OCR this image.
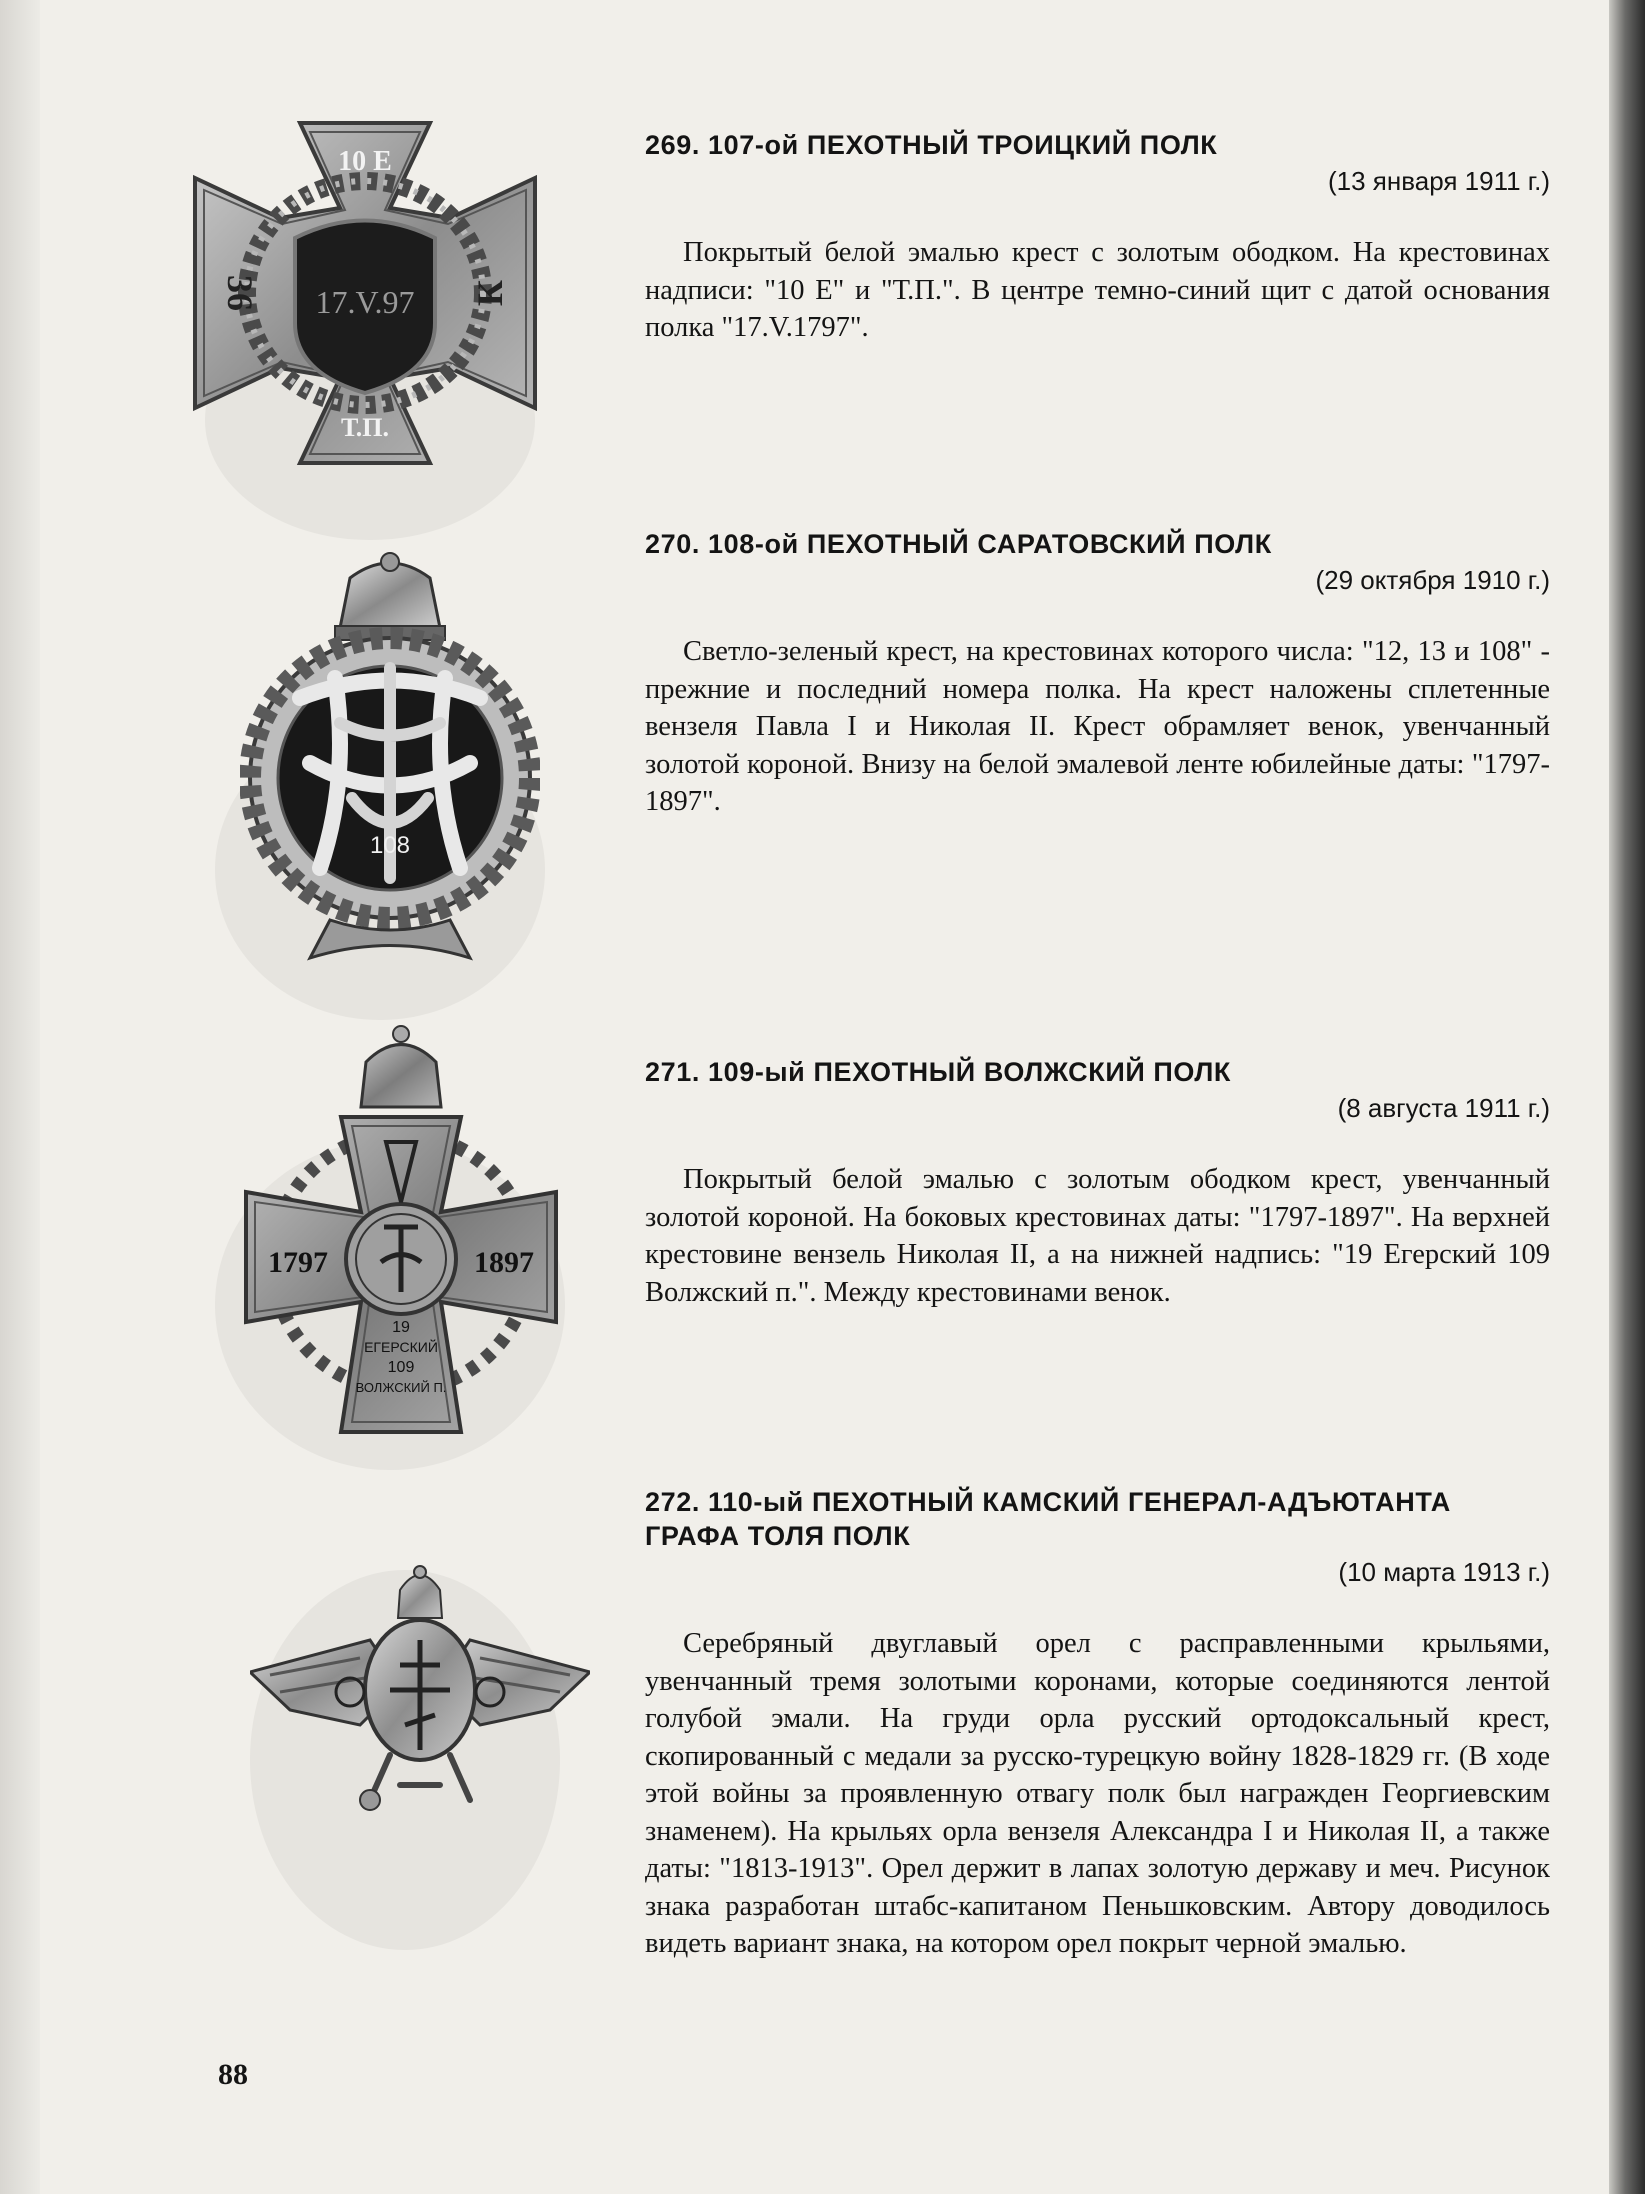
17.V.97
10 Е
36	К
Т.П.
269. 107-ой ПЕХОТНЫЙ ТРОИЦКИЙ ПОЛК
(13 января 1911 г.)

Покрытый белой эмалью крест с золотым ободком. На крестовинах надписи: "10 Е" и "Т.П.". В центре темно-синий щит с датой основания полка "17.V.1797".

108
270. 108-ой ПЕХОТНЫЙ САРАТОВСКИЙ ПОЛК
(29 октября 1910 г.)

Светло-зеленый крест, на крестовинах которого числа: "12, 13 и 108" - прежние и последний номера полка. На крест наложены сплетенные вензеля Павла I и Николая II. Крест обрамляет венок, увенчанный золотой короной. Внизу на белой эмалевой ленте юбилейные даты: "1797-1897".

1797	1897
19
ЕГЕРСКИЙ
109
ВОЛЖСКИЙ П.
271. 109-ый ПЕХОТНЫЙ ВОЛЖСКИЙ ПОЛК
(8 августа 1911 г.)

Покрытый белой эмалью с золотым ободком крест, увенчанный золотой короной. На боковых крестовинах даты: "1797-1897". На верхней крестовине вензель Николая II, а на нижней надпись: "19 Егерский 109 Волжский п.". Между крестовинами венок.

272. 110-ый ПЕХОТНЫЙ КАМСКИЙ ГЕНЕРАЛ-АДЪЮТАНТА ГРАФА ТОЛЯ ПОЛК
(10 марта 1913 г.)

Серебряный двуглавый орел с расправленными крыльями, увенчанный тремя золотыми коронами, которые соединяются лентой голубой эмали. На груди орла русский ортодоксальный крест, скопированный с медали за русско-турецкую войну 1828-1829 гг. (В ходе этой войны за проявленную отвагу полк был награжден Георгиевским знаменем). На крыльях орла вензеля Александра I и Николая II, а также даты: "1813-1913". Орел держит в лапах золотую державу и меч. Рисунок знака разработан штабс-капитаном Пеньшковским. Автору доводилось видеть вариант знака, на котором орел покрыт черной эмалью.

88
